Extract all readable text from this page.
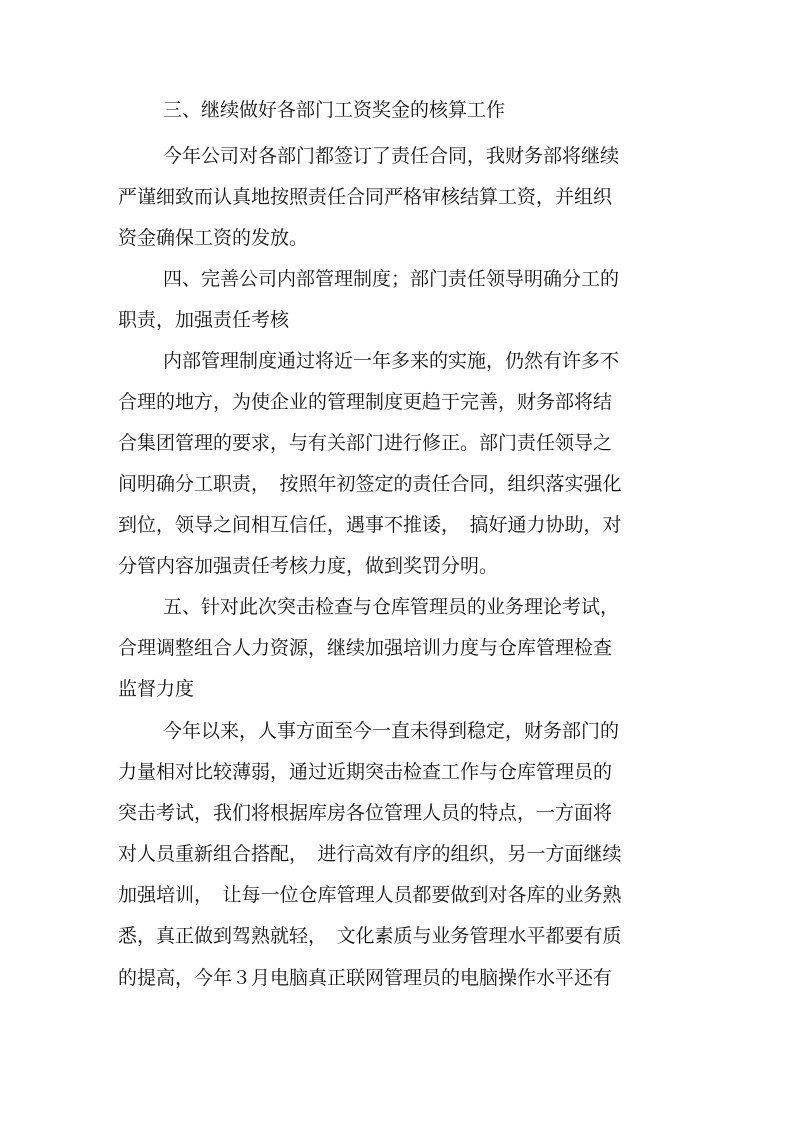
三、继续做好各部门工资奖金的核算工作
今年公司对各部门都签订了责任合同，我财务部将继续
严谨细致而认真地按照责任合同严格审核结算工资，并组织
资金确保工资的发放。
四、完善公司内部管理制度；部门责任领导明确分工的
职责，加强责任考核
内部管理制度通过将近一年多来的实施，仍然有许多不
合理的地方，为使企业的管理制度更趋于完善，财务部将结
合集团管理的要求，与有关部门进行修正。部门责任领导之
间明确分工职责，　按照年初签定的责任合同，组织落实强化
到位，领导之间相互信任，遇事不推诿，　搞好通力协助，对
分管内容加强责任考核力度，做到奖罚分明。
五、针对此次突击检查与仓库管理员的业务理论考试，
合理调整组合人力资源，继续加强培训力度与仓库管理检查
监督力度
今年以来，人事方面至今一直未得到稳定，财务部门的
力量相对比较薄弱，通过近期突击检查工作与仓库管理员的
突击考试，我们将根据库房各位管理人员的特点，一方面将
对人员重新组合搭配，　进行高效有序的组织，另一方面继续
加强培训，　让每一位仓库管理人员都要做到对各库的业务熟
悉，真正做到驾熟就轻，　文化素质与业务管理水平都要有质
的提高，今年３月电脑真正联网管理员的电脑操作水平还有
